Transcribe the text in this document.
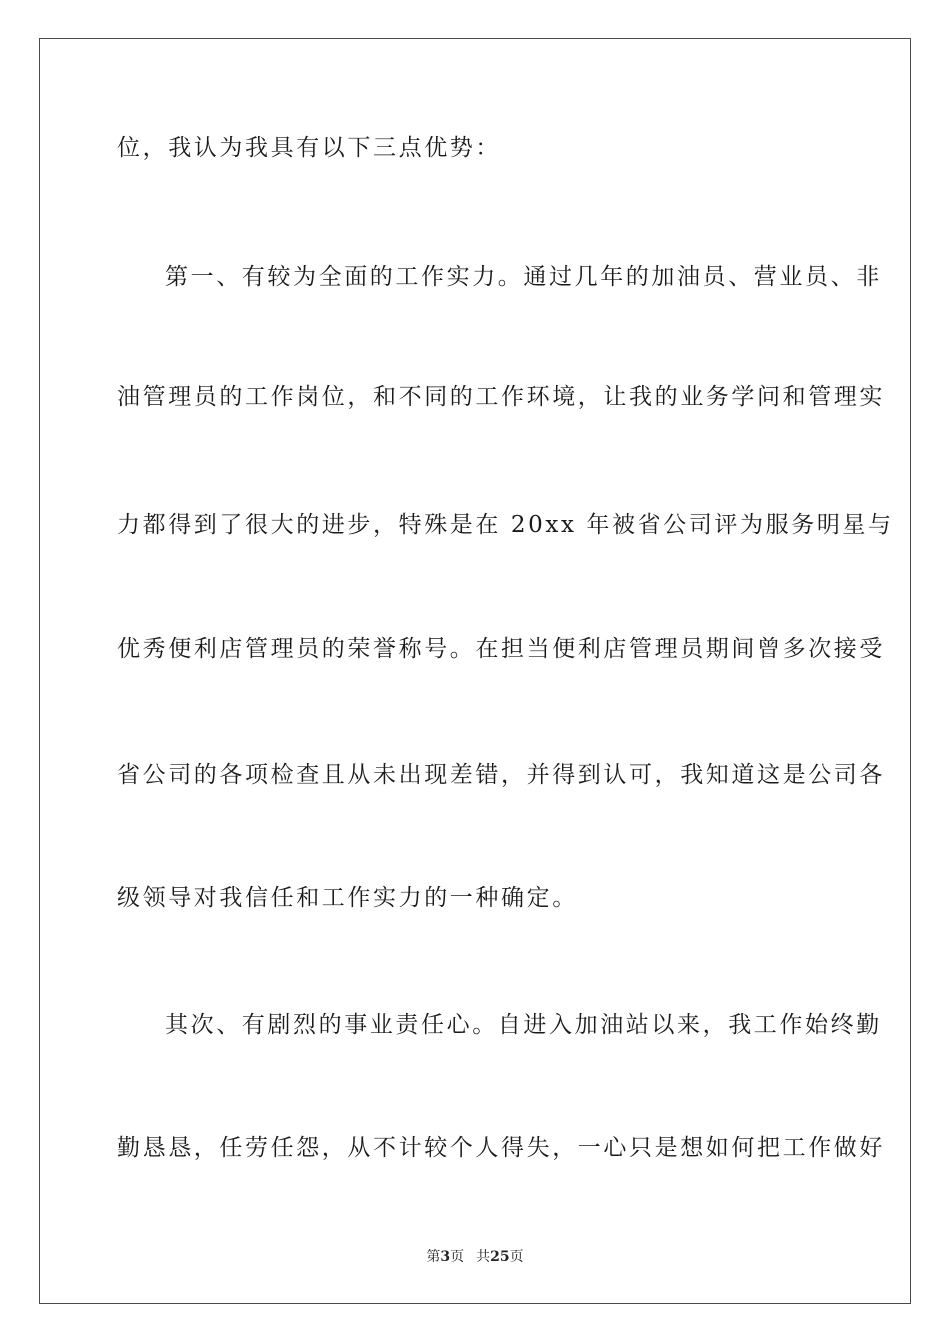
位，我认为我具有以下三点优势：
第一、有较为全面的工作实力。通过几年的加油员、营业员、非
油管理员的工作岗位，和不同的工作环境，让我的业务学问和管理实
力都得到了很大的进步，特殊是在 20xx 年被省公司评为服务明星与
优秀便利店管理员的荣誉称号。在担当便利店管理员期间曾多次接受
省公司的各项检查且从未出现差错，并得到认可，我知道这是公司各
级领导对我信任和工作实力的一种确定。
其次、有剧烈的事业责任心。自进入加油站以来，我工作始终勤
勤恳恳，任劳任怨，从不计较个人得失，一心只是想如何把工作做好
第3页 共25页
